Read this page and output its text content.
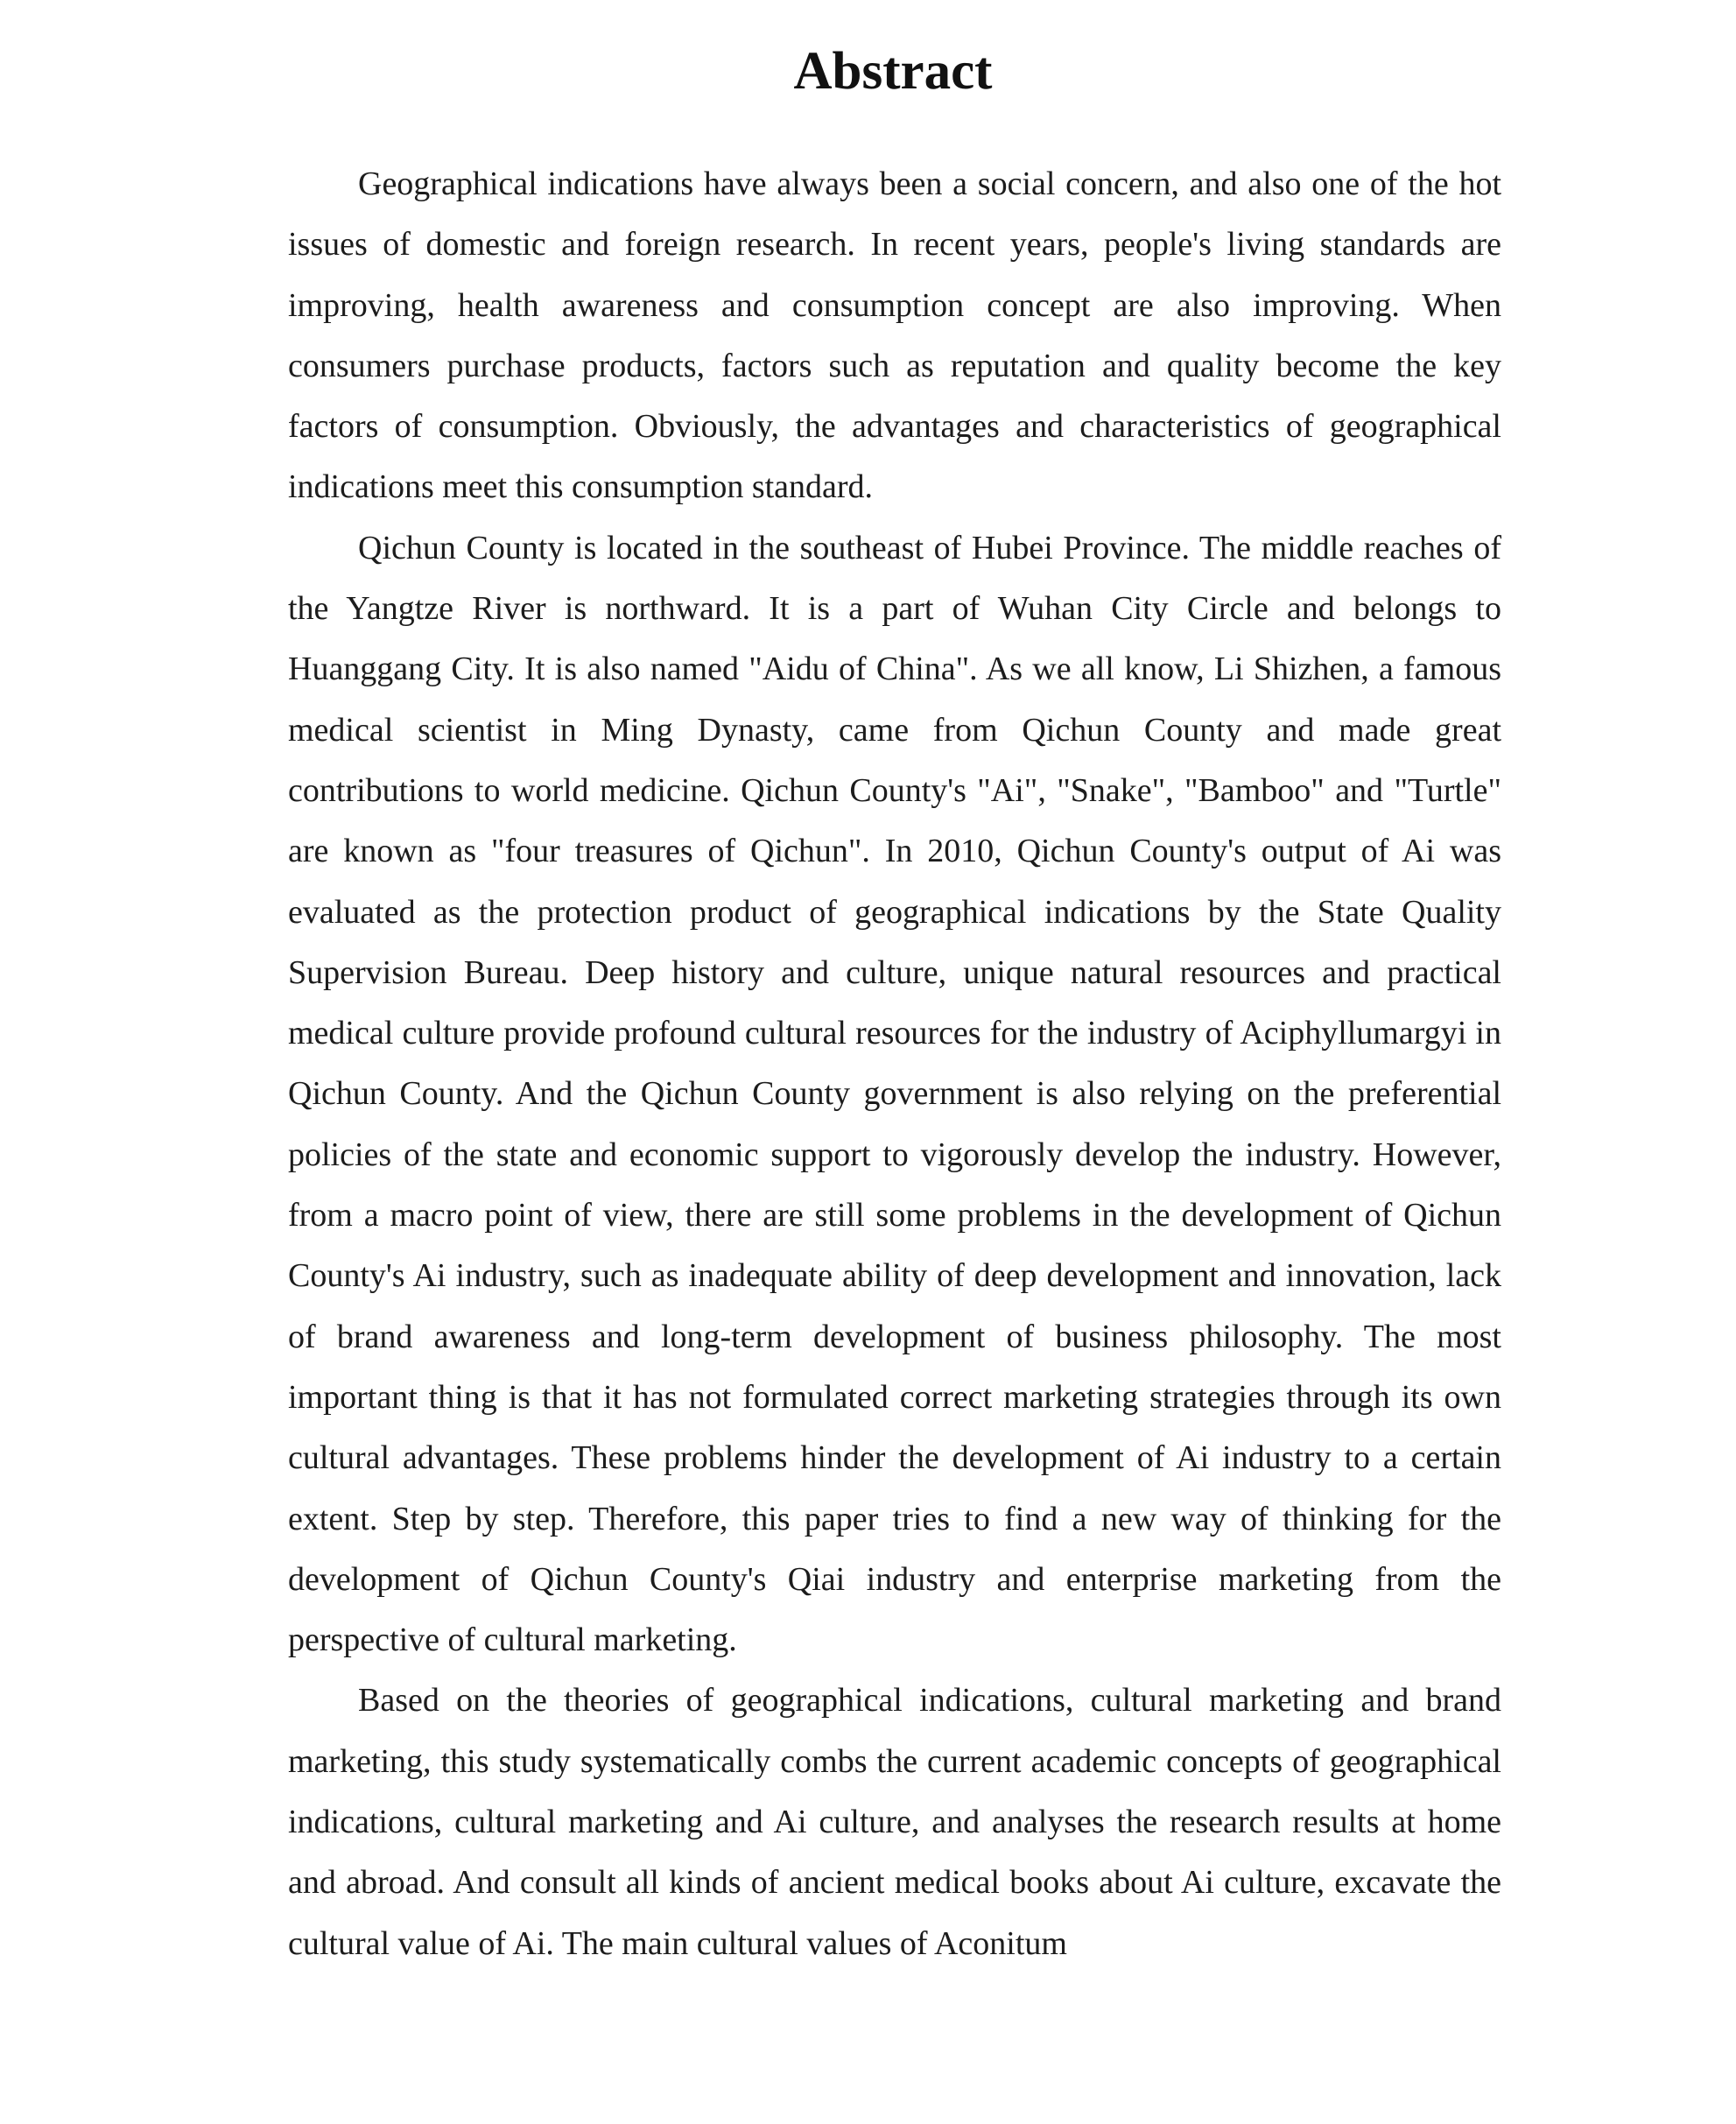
Abstract

Geographical indications have always been a social concern, and also one of the hot issues of domestic and foreign research. In recent years, people's living standards are improving, health awareness and consumption concept are also improving. When consumers purchase products, factors such as reputation and quality become the key factors of consumption. Obviously, the advantages and characteristics of geographical indications meet this consumption standard.

Qichun County is located in the southeast of Hubei Province. The middle reaches of the Yangtze River is northward. It is a part of Wuhan City Circle and belongs to Huanggang City. It is also named "Aidu of China". As we all know, Li Shizhen, a famous medical scientist in Ming Dynasty, came from Qichun County and made great contributions to world medicine. Qichun County's "Ai", "Snake", "Bamboo" and "Turtle" are known as "four treasures of Qichun". In 2010, Qichun County's output of Ai was evaluated as the protection product of geographical indications by the State Quality Supervision Bureau. Deep history and culture, unique natural resources and practical medical culture provide profound cultural resources for the industry of Aciphyllumargyi in Qichun County. And the Qichun County government is also relying on the preferential policies of the state and economic support to vigorously develop the industry. However, from a macro point of view, there are still some problems in the development of Qichun County's Ai industry, such as inadequate ability of deep development and innovation, lack of brand awareness and long-term development of business philosophy. The most important thing is that it has not formulated correct marketing strategies through its own cultural advantages. These problems hinder the development of Ai industry to a certain extent. Step by step. Therefore, this paper tries to find a new way of thinking for the development of Qichun County's Qiai industry and enterprise marketing from the perspective of cultural marketing.

Based on the theories of geographical indications, cultural marketing and brand marketing, this study systematically combs the current academic concepts of geographical indications, cultural marketing and Ai culture, and analyses the research results at home and abroad. And consult all kinds of ancient medical books about Ai culture, excavate the cultural value of Ai. The main cultural values of Aconitum
